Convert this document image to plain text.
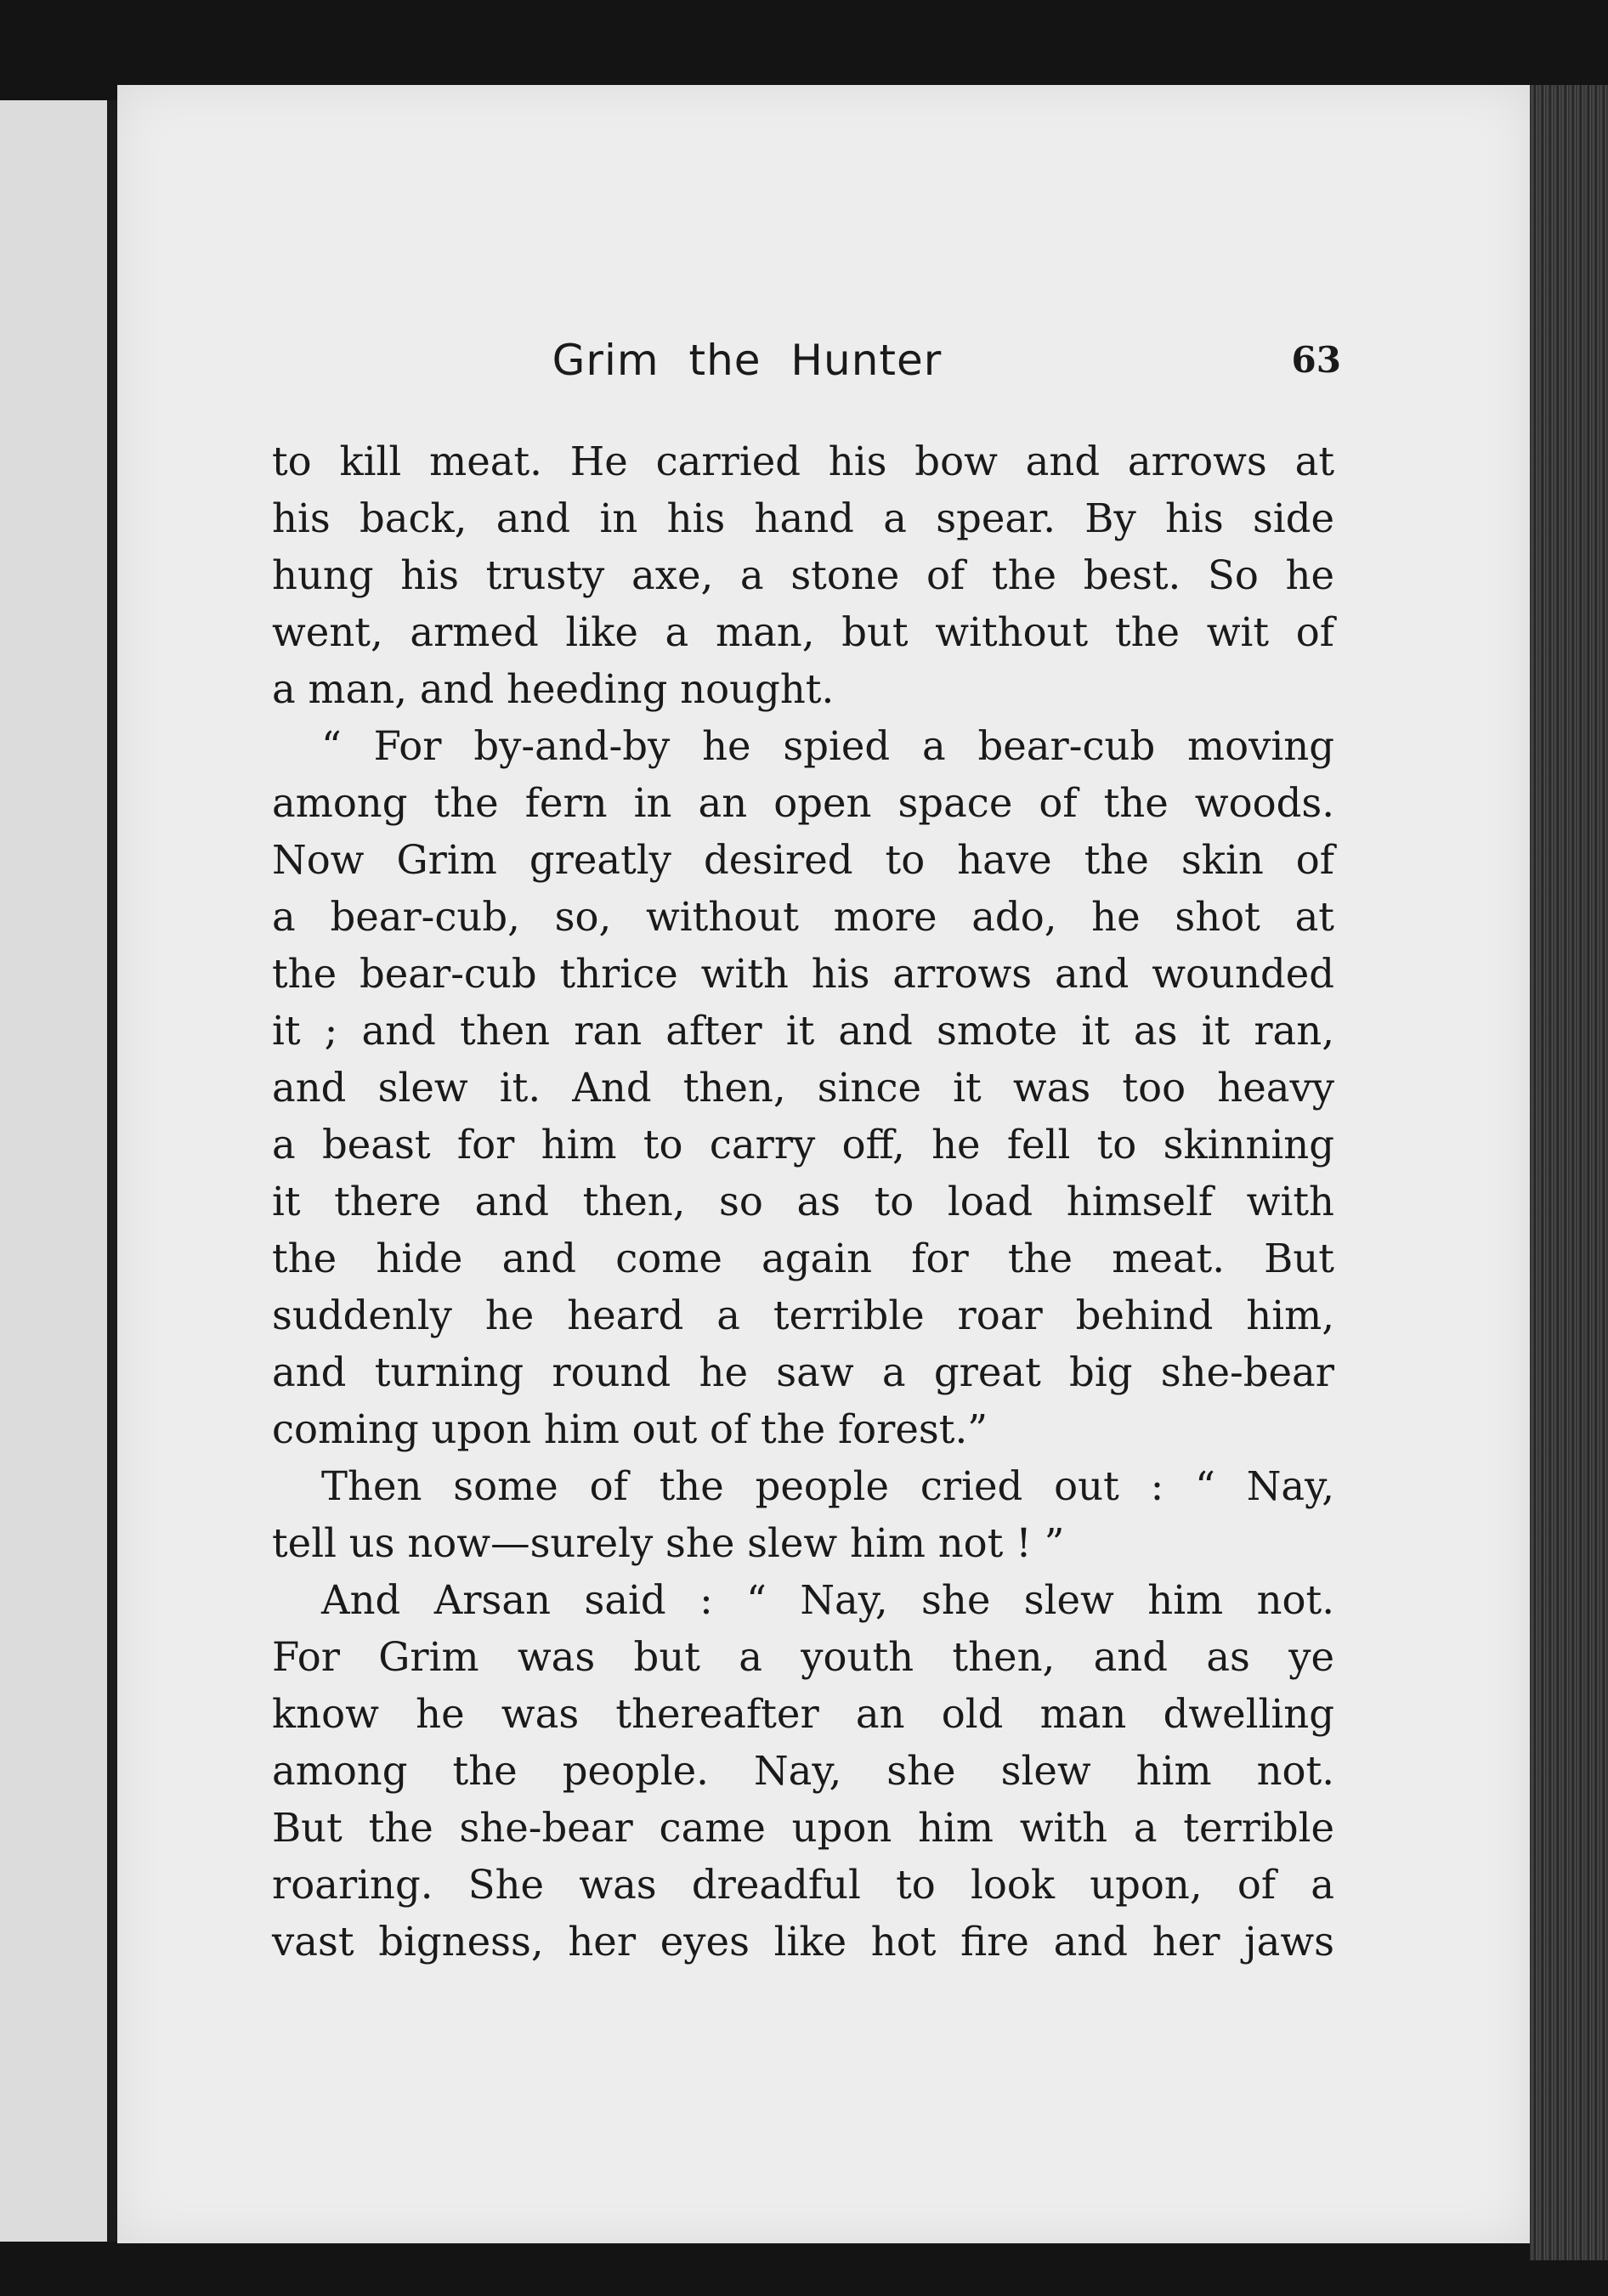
Grim the Hunter	63
to kill meat. He carried his bow and arrows at
his back, and in his hand a spear. By his side
hung his trusty axe, a stone of the best. So he
went, armed like a man, but without the wit of
a man, and heeding nought.
“ For by-and-by he spied a bear-cub moving
among the fern in an open space of the woods.
Now Grim greatly desired to have the skin of
a bear-cub, so, without more ado, he shot at
the bear-cub thrice with his arrows and wounded
it ; and then ran after it and smote it as it ran,
and slew it. And then, since it was too heavy
a beast for him to carry off, he fell to skinning
it there and then, so as to load himself with
the hide and come again for the meat. But
suddenly he heard a terrible roar behind him,
and turning round he saw a great big she-bear
coming upon him out of the forest.”
Then some of the people cried out : “ Nay,
tell us now—surely she slew him not ! ”
And Arsan said : “ Nay, she slew him not.
For Grim was but a youth then, and as ye
know he was thereafter an old man dwelling
among the people. Nay, she slew him not.
But the she-bear came upon him with a terrible
roaring. She was dreadful to look upon, of a
vast bigness, her eyes like hot fire and her jaws
